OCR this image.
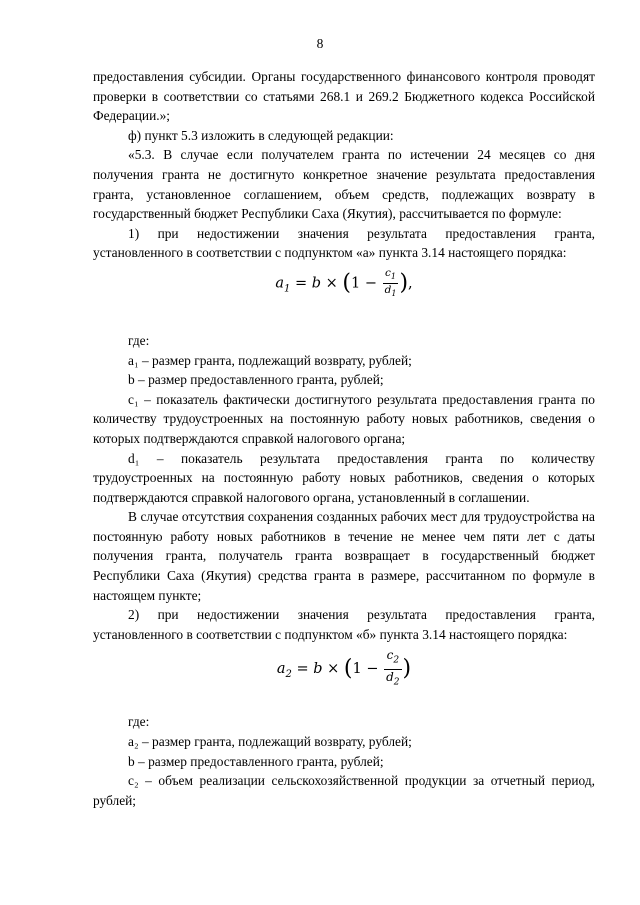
8

предоставления субсидии. Органы государственного финансового контроля проводят проверки в соответствии со статьями 268.1 и 269.2 Бюджетного кодекса Российской Федерации.»;

ф) пункт 5.3 изложить в следующей редакции:

«5.3. В случае если получателем гранта по истечении 24 месяцев со дня получения гранта не достигнуто конкретное значение результата предоставления гранта, установленное соглашением, объем средств, подлежащих возврату в государственный бюджет Республики Саха (Якутия), рассчитывается по формуле:

1) при недостижении значения результата предоставления гранта, установленного в соответствии с подпунктом «а» пункта 3.14 настоящего порядка:

$a_1 = b \times (1 - \frac{c_1}{d_1}$ ),

где:

a₁ – размер гранта, подлежащий возврату, рублей;

b – размер предоставленного гранта, рублей;

c₁ – показатель фактически достигнутого результата предоставления гранта по количеству трудоустроенных на постоянную работу новых работников, сведения о которых подтверждаются справкой налогового органа;

d₁ – показатель результата предоставления гранта по количеству трудоустроенных на постоянную работу новых работников, сведения о которых подтверждаются справкой налогового органа, установленный в соглашении.

В случае отсутствия сохранения созданных рабочих мест для трудоустройства на постоянную работу новых работников в течение не менее чем пяти лет с даты получения гранта, получатель гранта возвращает в государственный бюджет Республики Саха (Якутия) средства гранта в размере, рассчитанном по формуле в настоящем пункте;

2) при недостижении значения результата предоставления гранта, установленного в соответствии с подпунктом «б» пункта 3.14 настоящего порядка:

$a_2 = b \times (1 - \frac{c_2}{d_2}$ )

где:

a₂ – размер гранта, подлежащий возврату, рублей;

b – размер предоставленного гранта, рублей;

c₂ – объем реализации сельскохозяйственной продукции за отчетный период, рублей;
